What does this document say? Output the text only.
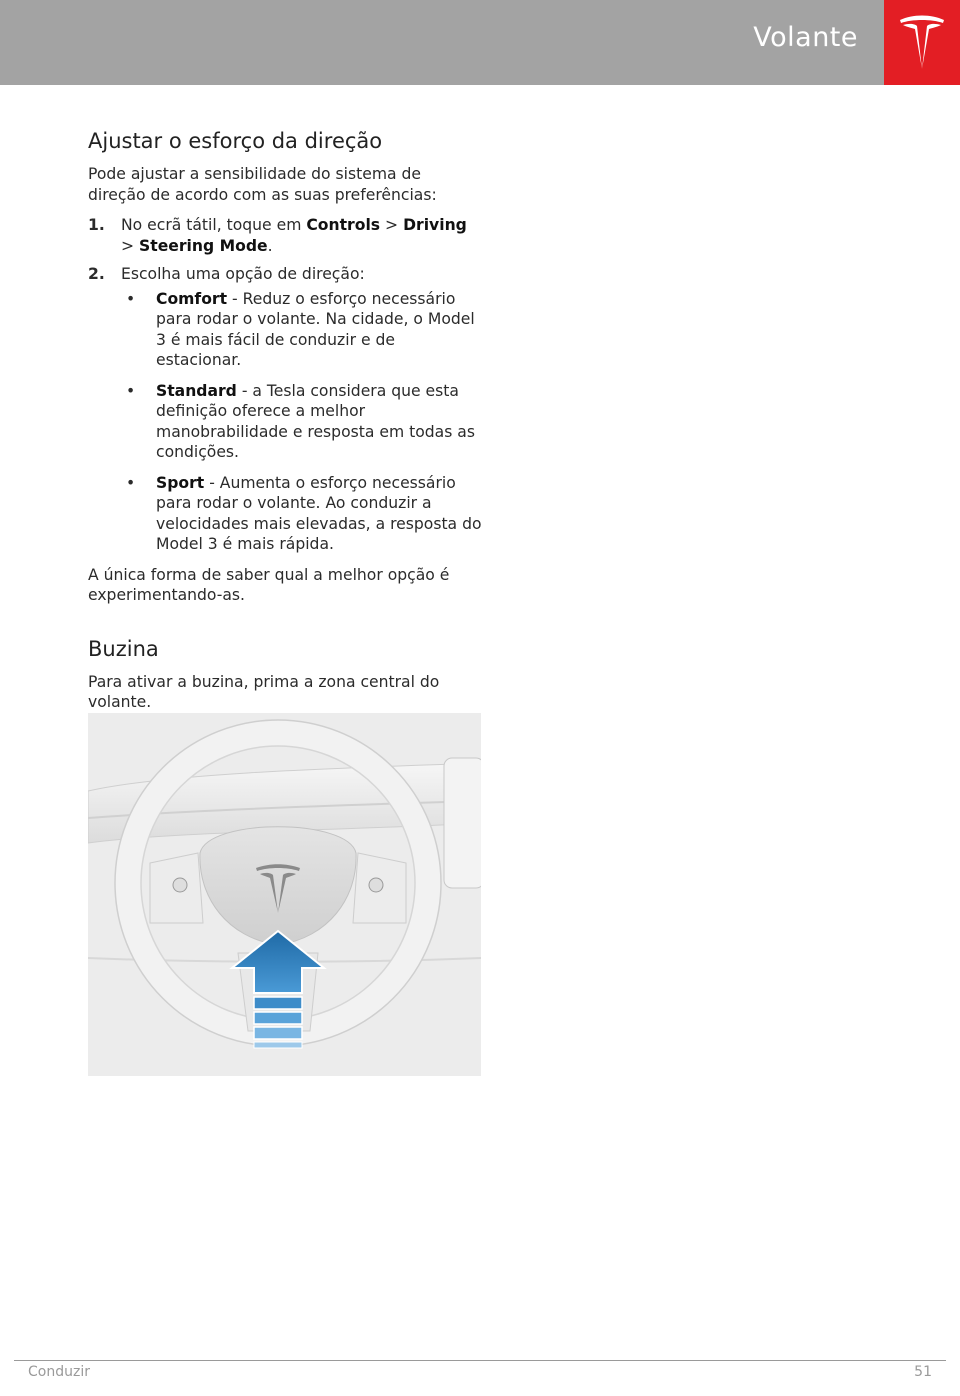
Volante
Ajustar o esforço da direção

Pode ajustar a sensibilidade do sistema de direção de acordo com as suas preferências:

1. No ecrã tátil, toque em Controls > Driving > Steering Mode.
2. Escolha uma opção de direção:
• Comfort - Reduz o esforço necessário para rodar o volante. Na cidade, o Model 3 é mais fácil de conduzir e de estacionar.
• Standard - a Tesla considera que esta definição oferece a melhor manobrabilidade e resposta em todas as condições.
• Sport - Aumenta o esforço necessário para rodar o volante. Ao conduzir a velocidades mais elevadas, a resposta do Model 3 é mais rápida.

A única forma de saber qual a melhor opção é experimentando-as.

Buzina

Para ativar a buzina, prima a zona central do volante.

Conduzir	51
